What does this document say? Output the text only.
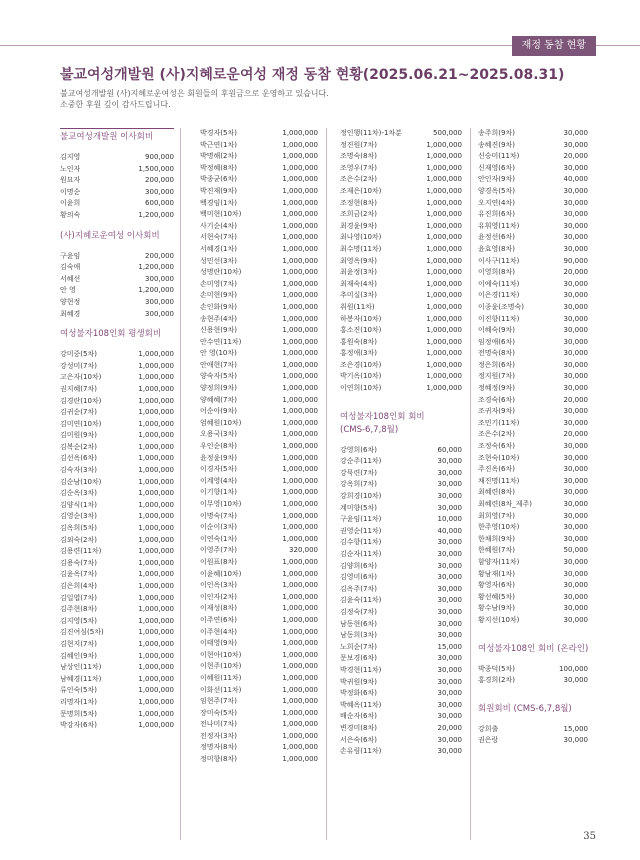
재정 동참 현황
불교여성개발원 (사)지혜로운여성 재정 동참 현황(2025.06.21~2025.08.31)
불교여성개발원 (사)지혜로운여성은 회원들의 후원금으로 운영하고 있습니다.
소중한 후원 깊이 감사드립니다.
불교여성개발원 이사회비
김지영	900,000
노인자	1,500,000
원묘자	200,000
이명순	300,000
이윤희	600,000
황의숙	1,200,000
(사)지혜로운여성 이사회비
구윤임	200,000
김숙애	1,200,000
서혜선	300,000
안 영	1,200,000
양현정	300,000
최혜경	300,000
여성불자108인회 평생회비
강미중(5차)	1,000,000
강성미(7차)	1,000,000
고은자(10차)	1,000,000
권지혜(7차)	1,000,000
김경란(10차)	1,000,000
김귀순(7차)	1,000,000
김미연(10차)	1,000,000
김미원(9차)	1,000,000
김복순(2차)	1,000,000
김선옥(6차)	1,000,000
김숙자(3차)	1,000,000
김순남(10차)	1,000,000
김순옥(3차)	1,000,000
김양식(1차)	1,000,000
김영순(3차)	1,000,000
김옥희(5차)	1,000,000
김외숙(2차)	1,000,000
김용련(11차)	1,000,000
김용숙(7차)	1,000,000
김윤옥(7차)	1,000,000
김은희(4차)	1,000,000
김일엽(7차)	1,000,000
김주현(8차)	1,000,000
김지영(5차)	1,000,000
김진여심(5차)	1,000,000
김현지(7차)	1,000,000
김혜인(9차)	1,000,000
남상인(11차)	1,000,000
남혜경(11차)	1,000,000
류인숙(5차)	1,000,000
리명자(1차)	1,000,000
문명희(5차)	1,000,000
박강자(6차)	1,000,000
박경자(5차)	1,000,000
박근연(1차)	1,000,000
박명해(2차)	1,000,000
박정혜(8차)	1,000,000
박종균(6차)	1,000,000
박진재(9차)	1,000,000
백경임(1차)	1,000,000
백미현(10차)	1,000,000
사기순(4차)	1,000,000
서현숙(7차)	1,000,000
서혜경(1차)	1,000,000
성민선(3차)	1,000,000
성명란(10차)	1,000,000
손미영(7차)	1,000,000
손미현(9차)	1,000,000
손인화(9차)	1,000,000
송현주(4차)	1,000,000
신용현(9차)	1,000,000
안수연(11차)	1,000,000
안 영(10차)	1,000,000
안애현(7차)	1,000,000
양숙자(5차)	1,000,000
양정희(9차)	1,000,000
양혜혜(7차)	1,000,000
어순아(9차)	1,000,000
엄혜원(10차)	1,000,000
오용국(3차)	1,000,000
우인순(8차)	1,000,000
윤정윤(9차)	1,000,000
이경자(5차)	1,000,000
이계영(4차)	1,000,000
이기향(1차)	1,000,000
이무영(10차)	1,000,000
이명숙(7차)	1,000,000
이순이(3차)	1,000,000
이연숙(1차)	1,000,000
이영주(7차)	320,000
이원표(8차)	1,000,000
이윤혜(10차)	1,000,000
이인옥(3차)	1,000,000
이인자(2차)	1,000,000
이재성(8차)	1,000,000
이주연(6차)	1,000,000
이주현(4차)	1,000,000
이태영(9차)	1,000,000
이현아(10차)	1,000,000
이현주(10차)	1,000,000
이혜원(11차)	1,000,000
이화선(11차)	1,000,000
임현주(7차)	1,000,000
장미숙(5차)	1,000,000
전나미(7차)	1,000,000
전정자(3차)	1,000,000
정명자(8차)	1,000,000
정미향(8차)	1,000,000
정인행(11차)-1차분	500,000
정진원(7차)	1,000,000
조명숙(8차)	1,000,000
조영우(7차)	1,000,000
조은수(2차)	1,000,000
조재은(10차)	1,000,000
조정현(8차)	1,000,000
조희금(2차)	1,000,000
최경윤(9차)	1,000,000
최나영(10차)	1,000,000
최수명(11차)	1,000,000
최영옥(9차)	1,000,000
최윤정(3차)	1,000,000
최재숙(4차)	1,000,000
추미실(3차)	1,000,000
취원(11차)	1,000,000
하봉자(10차)	1,000,000
홍소진(10차)	1,000,000
홍원숙(8차)	1,000,000
홍정애(3차)	1,000,000
조은경(10차)	1,000,000
박기옥(10차)	1,000,000
이연희(10차)	1,000,000
여성불자108인회 회비
(CMS-6,7,8월)
강영희(6차)	60,000
강순주(11차)	30,000
강묵련(7차)	30,000
강옥희(7차)	30,000
강희경(10차)	30,000
계미향(5차)	30,000
구윤임(11차)	10,000
권영순(11차)	40,000
김수향(11차)	30,000
김순자(11차)	30,000
김양희(6차)	30,000
김영미(6차)	30,000
김옥주(7차)	30,000
김윤숙(11차)	30,000
김정숙(7차)	30,000
남동현(6차)	30,000
남동희(3차)	30,000
노희순(7차)	15,000
문보경(6차)	30,000
박경현(11차)	30,000
박귀원(9차)	30,000
박정화(6차)	30,000
박혜옥(11차)	30,000
배순자(6차)	30,000
변경미(8차)	20,000
서은숙(6차)	30,000
손유림(11차)	30,000
송주희(9차)	30,000
송혜진(9차)	30,000
신승미(11차)	20,000
신재영(6차)	30,000
안인자(9차)	40,000
양경옥(5차)	30,000
오지연(4차)	30,000
유진희(6차)	30,000
유휘영(11차)	30,000
윤정선(6차)	30,000
윤효영(8차)	30,000
이사구(11차)	90,000
이영희(8차)	20,000
이예숙(11차)	30,000
이은경(11차)	30,000
이종윤(조명숙)	30,000
이진향(11차)	30,000
이혜숙(9차)	30,000
임정애(6차)	30,000
전명숙(8차)	30,000
정은희(6차)	30,000
정지원(7차)	30,000
정혜정(9차)	30,000
조경숙(6차)	20,000
조귀자(9차)	30,000
조민기(11차)	30,000
조은수(2차)	20,000
조정숙(6차)	30,000
조현숙(10차)	30,000
주진옥(6차)	30,000
채진명(11차)	30,000
최혜련(8차)	30,000
최혜련(8차_제주)	30,000
최희영(7차)	30,000
한주영(10차)	30,000
한채희(9차)	30,000
한혜원(7차)	50,000
함양자(11차)	30,000
황남재(1차)	30,000
황영자(6차)	30,000
황선혜(5차)	30,000
황수남(9차)	30,000
황지선(10차)	30,000
여성불자108인 회비 (온라인)
박종덕(5차)	100,000
홍경희(2차)	30,000
회원회비 (CMS-6,7,8월)
강희출	15,000
권은랑	30,000
35
